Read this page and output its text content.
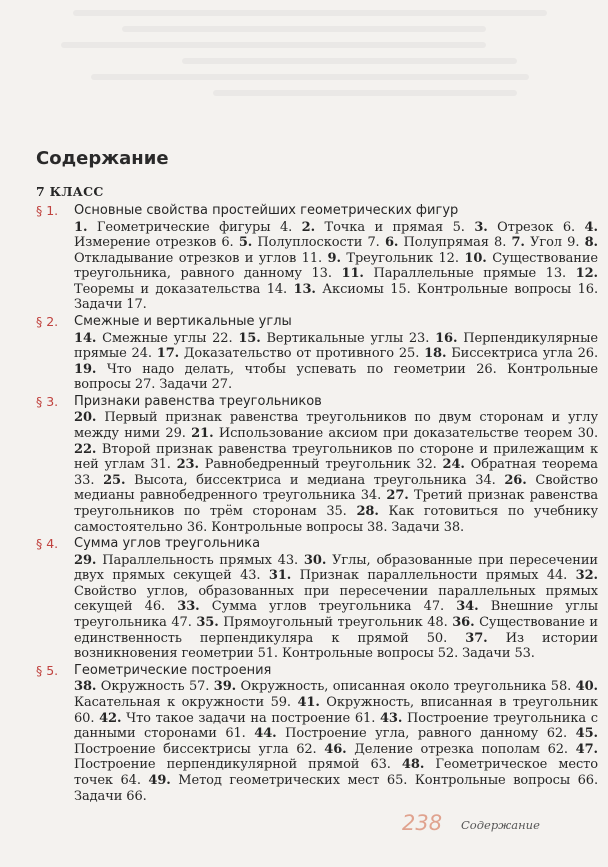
Содержание
7 КЛАСС
§ 1.	Основные свойства простейших геометрических фигур
1. Геометрические фигуры 4. 2. Точка и прямая 5. 3. Отрезок 6. 4. Измерение отрезков 6. 5. Полуплоскости 7. 6. Полупрямая 8. 7. Угол 9. 8. Откладывание отрезков и углов 11. 9. Треугольник 12. 10. Существование треугольника, равного данному 13. 11. Параллельные прямые 13. 12. Теоремы и доказательства 14. 13. Аксиомы 15. Контрольные вопросы 16. Задачи 17.
§ 2.	Смежные и вертикальные углы
14. Смежные углы 22. 15. Вертикальные углы 23. 16. Перпендикулярные прямые 24. 17. Доказательство от противного 25. 18. Биссектриса угла 26. 19. Что надо делать, чтобы успевать по геометрии 26. Контрольные вопросы 27. Задачи 27.
§ 3.	Признаки равенства треугольников
20. Первый признак равенства треугольников по двум сторонам и углу между ними 29. 21. Использование аксиом при доказательстве теорем 30. 22. Второй признак равенства треугольников по стороне и прилежащим к ней углам 31. 23. Равнобедренный треугольник 32. 24. Обратная теорема 33. 25. Высота, биссектриса и медиана треугольника 34. 26. Свойство медианы равнобедренного треугольника 34. 27. Третий признак равенства треугольников по трём сторонам 35. 28. Как готовиться по учебнику самостоятельно 36. Контрольные вопросы 38. Задачи 38.
§ 4.	Сумма углов треугольника
29. Параллельность прямых 43. 30. Углы, образованные при пересечении двух прямых секущей 43. 31. Признак параллельности прямых 44. 32. Свойство углов, образованных при пересечении параллельных прямых секущей 46. 33. Сумма углов треугольника 47. 34. Внешние углы треугольника 47. 35. Прямоугольный треугольник 48. 36. Существование и единственность перпендикуляра к прямой 50. 37. Из истории возникновения геометрии 51. Контрольные вопросы 52. Задачи 53.
§ 5.	Геометрические построения
38. Окружность 57. 39. Окружность, описанная около треугольника 58. 40. Касательная к окружности 59. 41. Окружность, вписанная в треугольник 60. 42. Что такое задачи на построение 61. 43. Построение треугольника с данными сторонами 61. 44. Построение угла, равного данному 62. 45. Построение биссектрисы угла 62. 46. Деление отрезка пополам 62. 47. Построение перпендикулярной прямой 63. 48. Геометрическое место точек 64. 49. Метод геометрических мест 65. Контрольные вопросы 66. Задачи 66.
238 Содержание
